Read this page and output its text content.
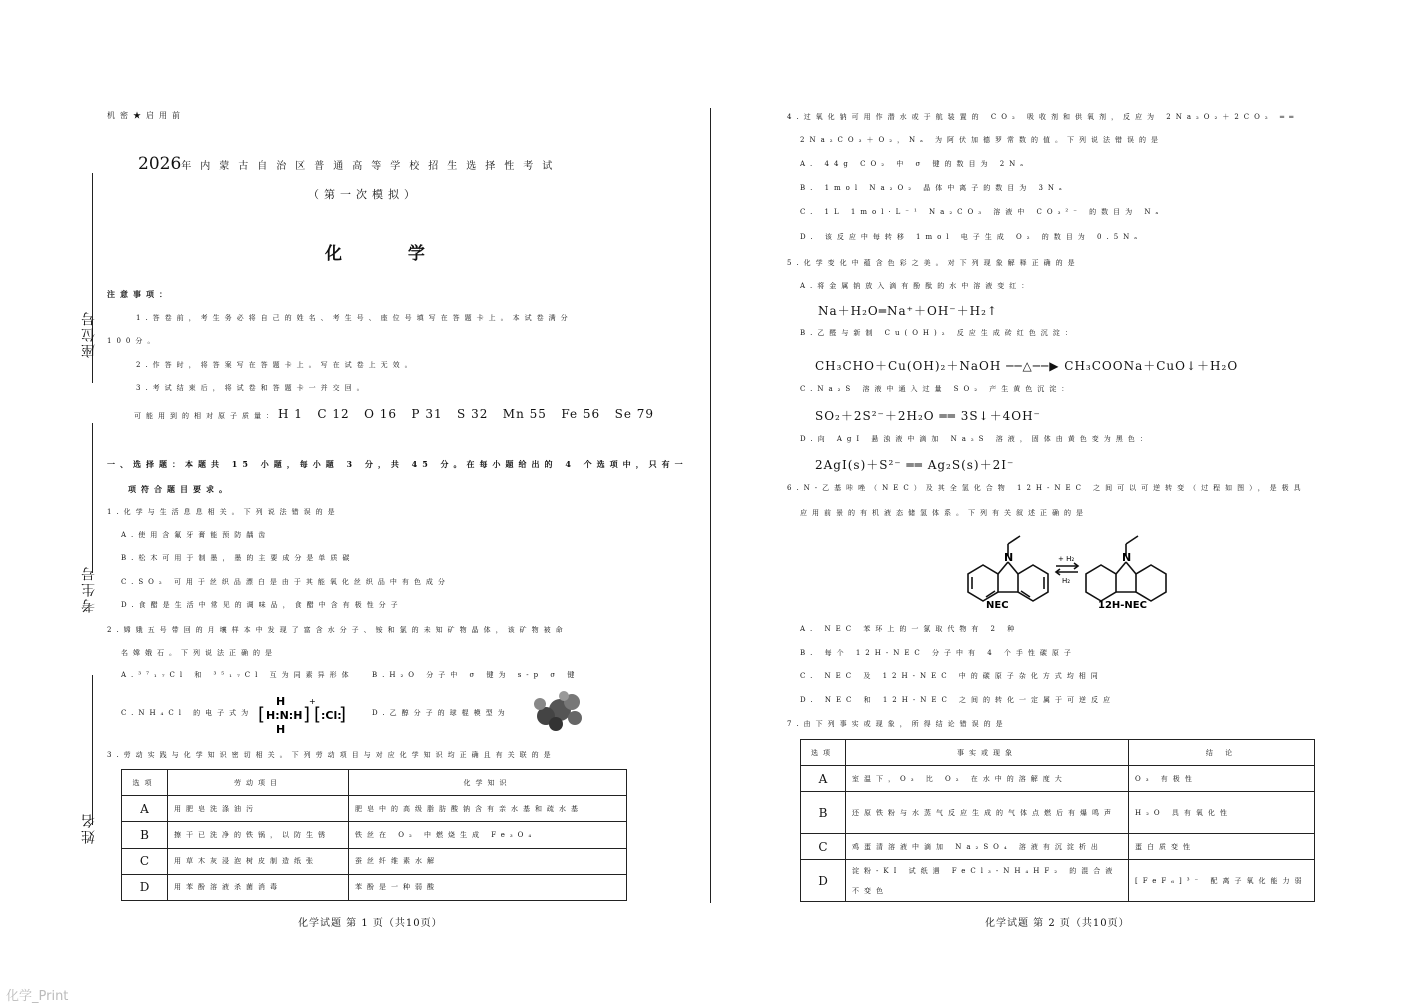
机密★启用前
2026年内蒙古自治区普通高等学校招生选择性考试
（第一次模拟）
化 学
座位号
考生号
姓名
注意事项：
1.答卷前，考生务必将自己的姓名、考生号、座位号填写在答题卡上。本试卷满分
100分。
2.作答时，将答案写在答题卡上。写在试卷上无效。
3.考试结束后，将试卷和答题卡一并交回。
可能用到的相对原子质量：H 1   C 12   O 16   P 31   S 32   Mn 55   Fe 56   Se 79
一、选择题：本题共 15 小题，每小题 3 分，共 45 分。在每小题给出的 4 个选项中，只有一
项符合题目要求。
1.化学与生活息息相关。下列说法错误的是
A.使用含氟牙膏能预防龋齿
B.松木可用于制墨，墨的主要成分是单质碳
C.SO₂ 可用于丝织品漂白是由于其能氧化丝织品中有色成分
D.食醋是生活中常见的调味品，食醋中含有极性分子
2.嫦娥五号带回的月壤样本中发现了富含水分子、铵和氯的未知矿物晶体，该矿物被命
名嫦娥石。下列说法正确的是
A.³⁷₁₇Cl 和 ³⁵₁₇Cl 互为同素异形体	B.H₂O 分子中 σ 键为 s-p σ 键
C.NH₄Cl 的电子式为 [
H
H:N:H
H
]
+
[ :Cl:
]	D.乙醇分子的球棍模型为
3.劳动实践与化学知识密切相关。下列劳动项目与对应化学知识均正确且有关联的是
选项	劳动项目	化学知识
A	用肥皂洗涤油污	肥皂中的高级脂肪酸钠含有亲水基和疏水基
B	擦干已洗净的铁锅，以防生锈	铁丝在 O₂ 中燃烧生成 Fe₃O₄
C	用草木灰浸泡树皮制造纸张	蚕丝纤维素水解
D	用苯酚溶液杀菌消毒	苯酚是一种弱酸
化学试题 第 1 页（共10页）
4.过氧化钠可用作潜水或于航装置的 CO₂ 吸收剂和供氧剂，反应为 2Na₂O₂＋2CO₂ ══
2Na₂CO₃＋O₂，Nₐ 为阿伏加德罗常数的值。下列说法错误的是
A. 44g CO₂ 中 σ 键的数目为 2Nₐ
B. 1mol Na₂O₂ 晶体中离子的数目为 3Nₐ
C. 1L 1mol·L⁻¹ Na₂CO₃ 溶液中 CO₃²⁻ 的数目为 Nₐ
D. 该反应中每转移 1mol 电子生成 O₂ 的数目为 0.5Nₐ
5.化学变化中蕴含色彩之美。对下列现象解释正确的是
A.将金属钠放入滴有酚酞的水中溶液变红：
Na＋H₂O═Na⁺＋OH⁻＋H₂↑
B.乙醛与新制 Cu(OH)₂ 反应生成砖红色沉淀：
CH₃CHO＋Cu(OH)₂＋NaOH ──△──▶ CH₃COONa＋CuO↓＋H₂O
C.Na₂S 溶液中通入过量 SO₂ 产生黄色沉淀：
SO₂＋2S²⁻＋2H₂O ══ 3S↓＋4OH⁻
D.向 AgI 悬浊液中滴加 Na₂S 溶液，固体由黄色变为黑色：
2AgI(s)＋S²⁻ ══ Ag₂S(s)＋2I⁻
6.N-乙基咔唑（NEC）及其全氢化合物 12H-NEC 之间可以可逆转变（过程如图），是极具
应用前景的有机液态储氢体系。下列有关叙述正确的是
N	N
+ H₂
H₂
NEC	12H-NEC
A. NEC 苯环上的一氯取代物有 2 种
B. 每个 12H-NEC 分子中有 4 个手性碳原子
C. NEC 及 12H-NEC 中的碳原子杂化方式均相同
D. NEC 和 12H-NEC 之间的转化一定属于可逆反应
7.由下列事实或现象，所得结论错误的是
选项	事实或现象	结 论
A	室温下，O₃ 比 O₂ 在水中的溶解度大	O₃ 有极性
B	还原铁粉与水蒸气反应生成的气体点燃后有爆鸣声	H₂O 具有氧化性
C	鸡蛋清溶液中滴加 Na₂SO₄ 溶液有沉淀析出	蛋白质变性
D	淀粉-KI 试纸遇 FeCl₃-NH₄HF₂ 的混合液不变色	[FeF₆]³⁻ 配离子氧化能力弱
化学试题 第 2 页（共10页）
化学_Print
